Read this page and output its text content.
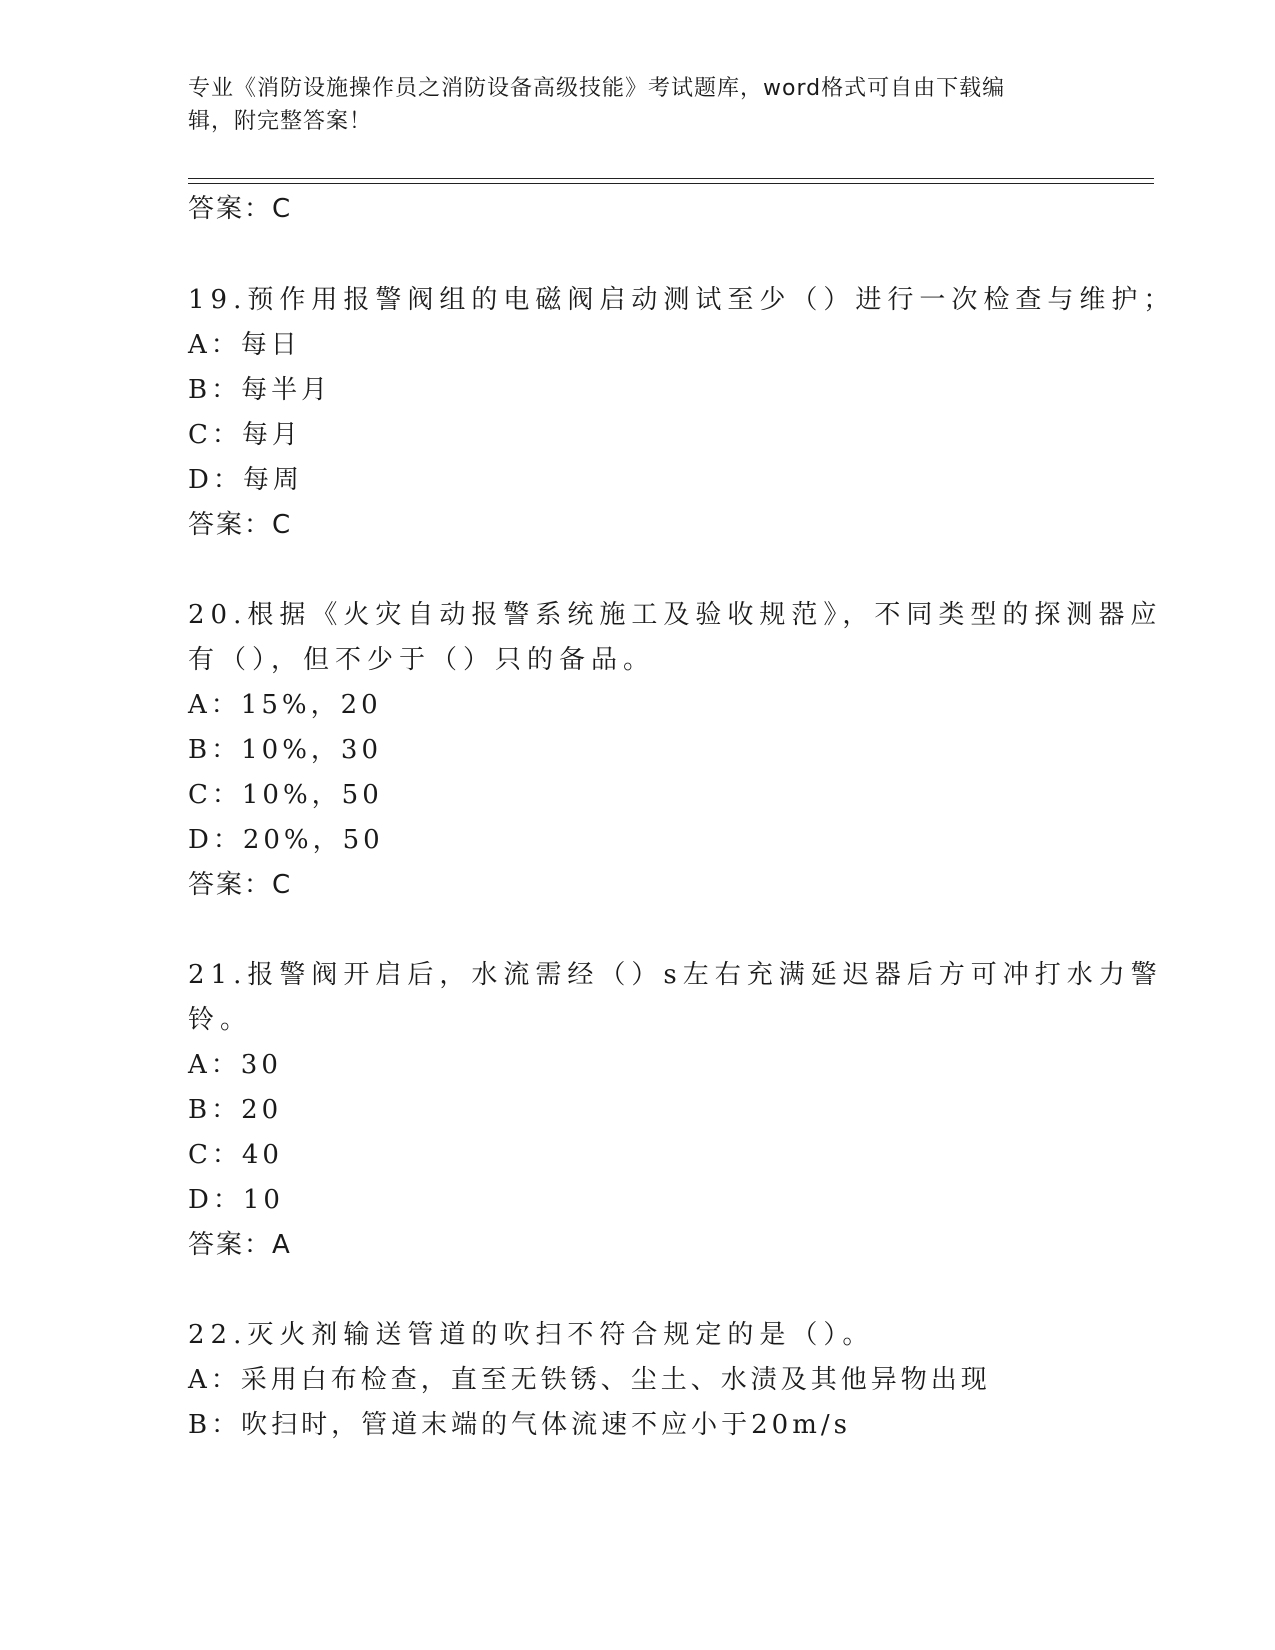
专业《消防设施操作员之消防设备高级技能》考试题库，word格式可自由下载编
辑，附完整答案！
答案：C
19.预作用报警阀组的电磁阀启动测试至少（）进行一次检查与维护；
A：每日
B：每半月
C：每月
D：每周
答案：C
20.根据《火灾自动报警系统施工及验收规范》，不同类型的探测器应
有（），但不少于（）只的备品。
A：15%，20
B：10%，30
C：10%，50
D：20%，50
答案：C
21.报警阀开启后，水流需经（）s左右充满延迟器后方可冲打水力警
铃。
A：30
B：20
C：40
D：10
答案：A
22.灭火剂输送管道的吹扫不符合规定的是（）。
A：采用白布检查，直至无铁锈、尘土、水渍及其他异物出现
B：吹扫时，管道末端的气体流速不应小于20m/s
